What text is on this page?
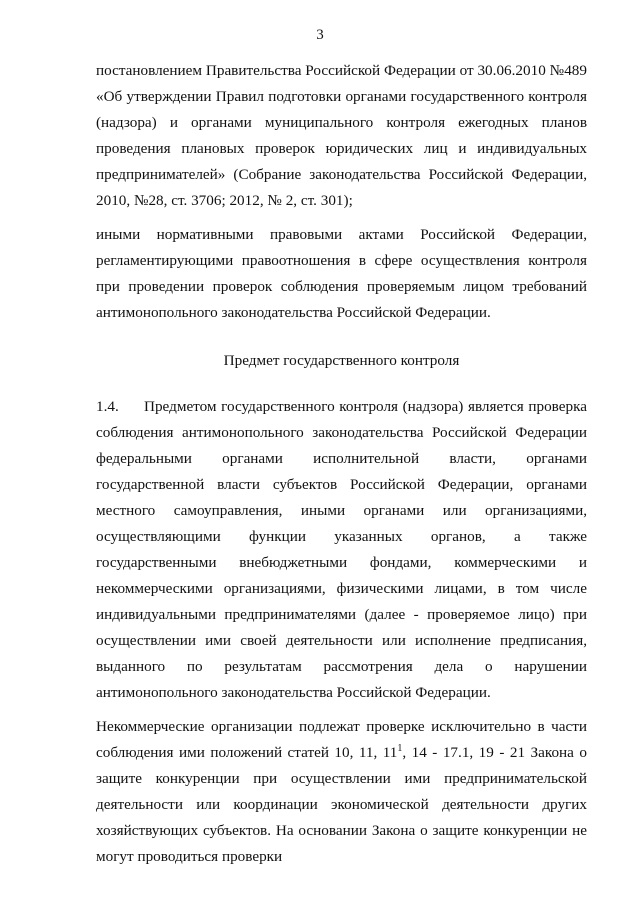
3

постановлением Правительства Российской Федерации от 30.06.2010 №489 «Об утверждении Правил подготовки органами государственного контроля (надзора) и органами муниципального контроля ежегодных планов проведения плановых проверок юридических лиц и индивидуальных предпринимателей» (Собрание законодательства Российской Федерации, 2010, №28, ст. 3706; 2012, № 2, ст. 301);

иными нормативными правовыми актами Российской Федерации, регламентирующими правоотношения в сфере осуществления контроля при проведении проверок соблюдения проверяемым лицом требований антимонопольного законодательства Российской Федерации.

Предмет государственного контроля

1.4. Предметом государственного контроля (надзора) является проверка соблюдения антимонопольного законодательства Российской Федерации федеральными органами исполнительной власти, органами государственной власти субъектов Российской Федерации, органами местного самоуправления, иными органами или организациями, осуществляющими функции указанных органов, а также государственными внебюджетными фондами, коммерческими и некоммерческими организациями, физическими лицами, в том числе индивидуальными предпринимателями (далее - проверяемое лицо) при осуществлении ими своей деятельности или исполнение предписания, выданного по результатам рассмотрения дела о нарушении антимонопольного законодательства Российской Федерации.

Некоммерческие организации подлежат проверке исключительно в части соблюдения ими положений статей 10, 11, $11^1$, 14 - 17.1, 19 - 21 Закона о защите конкуренции при осуществлении ими предпринимательской деятельности или координации экономической деятельности других хозяйствующих субъектов. На основании Закона о защите конкуренции не могут проводиться проверки
